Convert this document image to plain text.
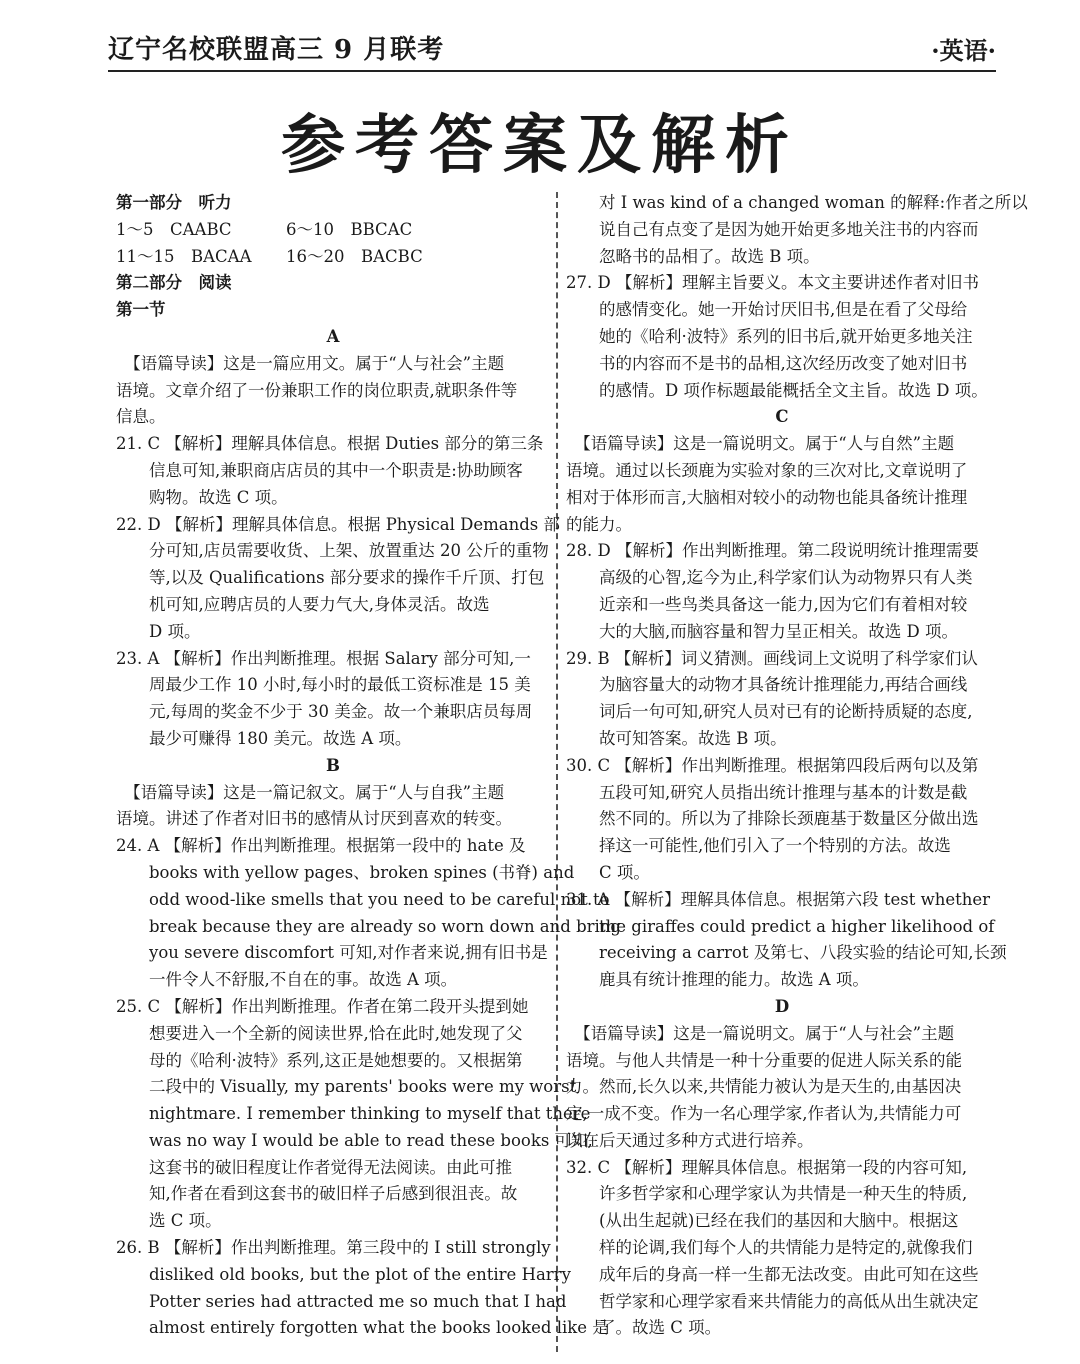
辽宁名校联盟高三 9 月联考	·英语·
参考答案及解析
第一部分　听力
1～5　CAABC	6～10　BBCAC
11～15　BACAA	16～20　BACBC
第二部分　阅读
第一节
A
　【语篇导读】这是一篇应用文。属于“人与社会”主题
语境。文章介绍了一份兼职工作的岗位职责,就职条件等
信息。
21. C 【解析】理解具体信息。根据 Duties 部分的第三条
　　信息可知,兼职商店店员的其中一个职责是:协助顾客
　　购物。故选 C 项。
22. D 【解析】理解具体信息。根据 Physical Demands 部
　　分可知,店员需要收货、上架、放置重达 20 公斤的重物
　　等,以及 Qualifications 部分要求的操作千斤顶、打包
　　机可知,应聘店员的人要力气大,身体灵活。故选
　　D 项。
23. A 【解析】作出判断推理。根据 Salary 部分可知,一
　　周最少工作 10 小时,每小时的最低工资标准是 15 美
　　元,每周的奖金不少于 30 美金。故一个兼职店员每周
　　最少可赚得 180 美元。故选 A 项。
B
　【语篇导读】这是一篇记叙文。属于“人与自我”主题
语境。讲述了作者对旧书的感情从讨厌到喜欢的转变。
24. A 【解析】作出判断推理。根据第一段中的 hate 及
　　books with yellow pages、broken spines (书脊) and
　　odd wood-like smells that you need to be careful not to
　　break because they are already so worn down and bring
　　you severe discomfort 可知,对作者来说,拥有旧书是
　　一件令人不舒服,不自在的事。故选 A 项。
25. C 【解析】作出判断推理。作者在第二段开头提到她
　　想要进入一个全新的阅读世界,恰在此时,她发现了父
　　母的《哈利·波特》系列,这正是她想要的。又根据第
　　二段中的 Visually, my parents' books were my worst
　　nightmare. I remember thinking to myself that there
　　was no way I would be able to read these books 可知,
　　这套书的破旧程度让作者觉得无法阅读。由此可推
　　知,作者在看到这套书的破旧样子后感到很沮丧。故
　　选 C 项。
26. B 【解析】作出判断推理。第三段中的 I still strongly
　　disliked old books, but the plot of the entire Harry
　　Potter series had attracted me so much that I had
　　almost entirely forgotten what the books looked like 是
　　对 I was kind of a changed woman 的解释:作者之所以
　　说自己有点变了是因为她开始更多地关注书的内容而
　　忽略书的品相了。故选 B 项。
27. D 【解析】理解主旨要义。本文主要讲述作者对旧书
　　的感情变化。她一开始讨厌旧书,但是在看了父母给
　　她的《哈利·波特》系列的旧书后,就开始更多地关注
　　书的内容而不是书的品相,这次经历改变了她对旧书
　　的感情。D 项作标题最能概括全文主旨。故选 D 项。
C
　【语篇导读】这是一篇说明文。属于“人与自然”主题
语境。通过以长颈鹿为实验对象的三次对比,文章说明了
相对于体形而言,大脑相对较小的动物也能具备统计推理
的能力。
28. D 【解析】作出判断推理。第二段说明统计推理需要
　　高级的心智,迄今为止,科学家们认为动物界只有人类
　　近亲和一些鸟类具备这一能力,因为它们有着相对较
　　大的大脑,而脑容量和智力呈正相关。故选 D 项。
29. B 【解析】词义猜测。画线词上文说明了科学家们认
　　为脑容量大的动物才具备统计推理能力,再结合画线
　　词后一句可知,研究人员对已有的论断持质疑的态度,
　　故可知答案。故选 B 项。
30. C 【解析】作出判断推理。根据第四段后两句以及第
　　五段可知,研究人员指出统计推理与基本的计数是截
　　然不同的。所以为了排除长颈鹿基于数量区分做出选
　　择这一可能性,他们引入了一个特别的方法。故选
　　C 项。
31. A 【解析】理解具体信息。根据第六段 test whether
　　the giraffes could predict a higher likelihood of
　　receiving a carrot 及第七、八段实验的结论可知,长颈
　　鹿具有统计推理的能力。故选 A 项。
D
　【语篇导读】这是一篇说明文。属于“人与社会”主题
语境。与他人共情是一种十分重要的促进人际关系的能
力。然而,长久以来,共情能力被认为是天生的,由基因决
定,一成不变。作为一名心理学家,作者认为,共情能力可
以在后天通过多种方式进行培养。
32. C 【解析】理解具体信息。根据第一段的内容可知,
　　许多哲学家和心理学家认为共情是一种天生的特质,
　　(从出生起就)已经在我们的基因和大脑中。根据这
　　样的论调,我们每个人的共情能力是特定的,就像我们
　　成年后的身高一样一生都无法改变。由此可知在这些
　　哲学家和心理学家看来共情能力的高低从出生就决定
　　了。故选 C 项。
